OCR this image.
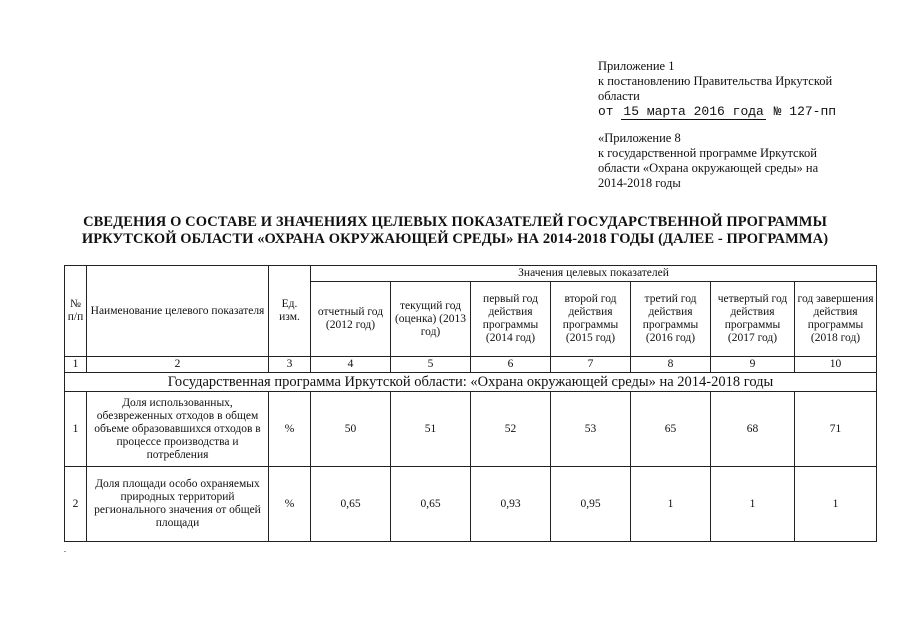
Приложение 1

к постановлению Правительства Иркутской

области

от 15 марта 2016 года № 127-пп

«Приложение 8

к государственной программе Иркутской

области «Охрана окружающей среды» на

2014-2018 годы

СВЕДЕНИЯ О СОСТАВЕ И ЗНАЧЕНИЯХ ЦЕЛЕВЫХ ПОКАЗАТЕЛЕЙ ГОСУДАРСТВЕННОЙ ПРОГРАММЫ
ИРКУТСКОЙ ОБЛАСТИ «ОХРАНА ОКРУЖАЮЩЕЙ СРЕДЫ» НА 2014-2018 ГОДЫ (ДАЛЕЕ - ПРОГРАММА)
№ п/п	Наименование целевого показателя	Ед. изм.	Значения целевых показателей						
			отчетный год (2012 год)	текущий год (оценка) (2013 год)	первый год действия программы (2014 год)	второй год действия программы (2015 год)	третий год действия программы (2016 год)	четвертый год действия программы (2017 год)	год завершения действия программы (2018 год)
1	2	3	4	5	6	7	8	9	10
Государственная программа Иркутской области: «Охрана окружающей среды» на 2014-2018 годы									
1	Доля использованных, обезвреженных отходов в общем объеме образовавшихся отходов в процессе производства и потребления	%	50	51	52	53	65	68	71
2	Доля площади особо охраняемых природных территорий регионального значения от общей площади	%	0,65	0,65	0,93	0,95	1	1	1
